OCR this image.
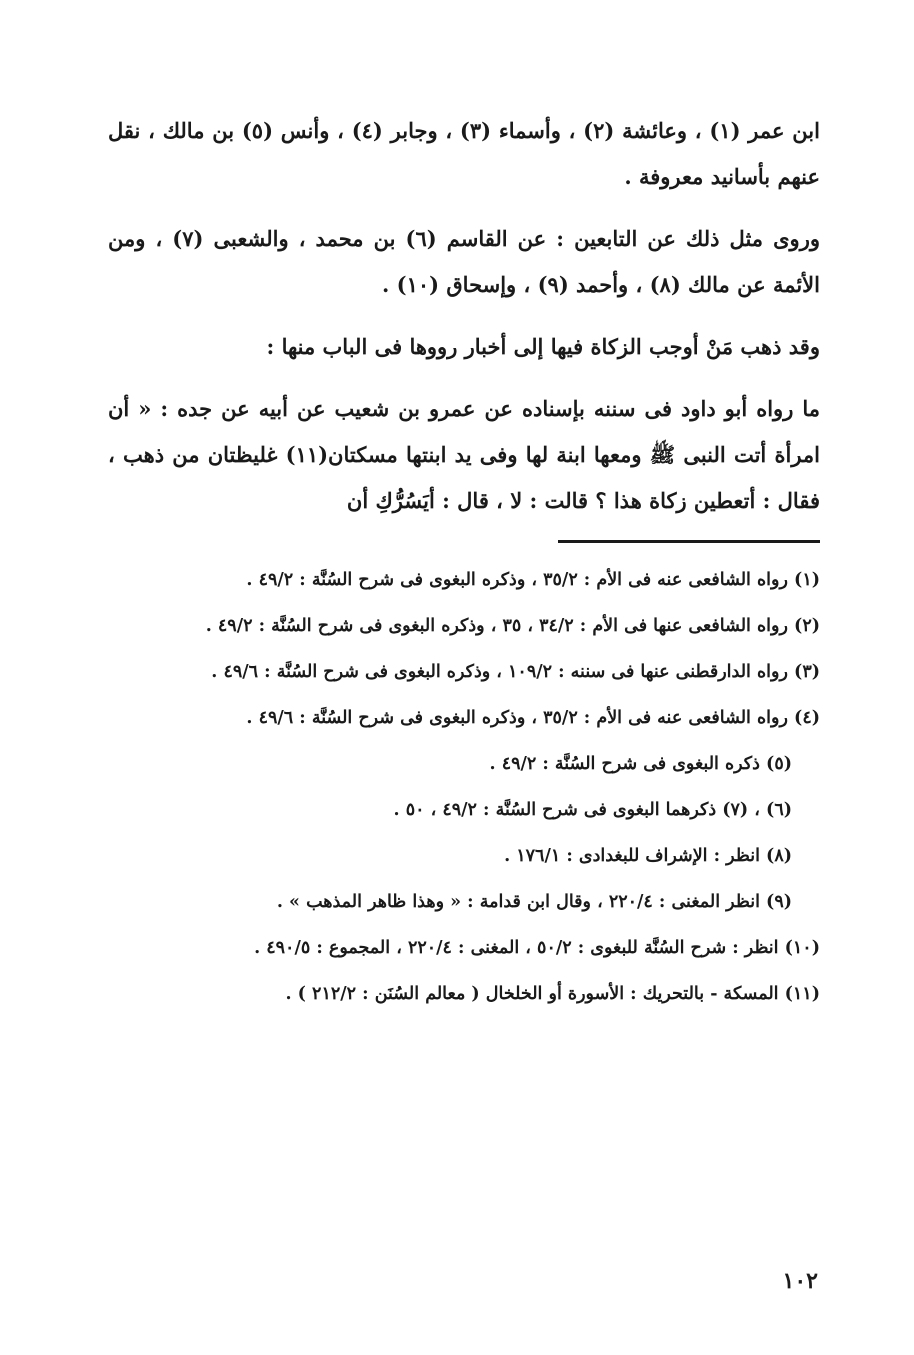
ابن عمر (١) ، وعائشة (٢) ، وأسماء (٣) ، وجابر (٤) ، وأنس (٥) بن مالك ، نقل عنهم بأسانيد معروفة .

وروى مثل ذلك عن التابعين : عن القاسم (٦) بن محمد ، والشعبى (٧) ، ومن الأئمة عن مالك (٨) ، وأحمد (٩) ، وإسحاق (١٠) .

وقد ذهب مَنْ أوجب الزكاة فيها إلى أخبار رووها فى الباب منها :

ما رواه أبو داود فى سننه بإسناده عن عمرو بن شعيب عن أبيه عن جده : « أن امرأة أتت النبى ﷺ ومعها ابنة لها وفى يد ابنتها مسكتان(١١) غليظتان من ذهب ، فقال : أتعطين زكاة هذا ؟ قالت : لا ، قال : أيَسُرُّكِ أن

(١) رواه الشافعى عنه فى الأم : ٣٥/٢ ، وذكره البغوى فى شرح السُنَّة : ٤٩/٢ .

(٢) رواه الشافعى عنها فى الأم : ٣٤/٢ ، ٣٥ ، وذكره البغوى فى شرح السُنَّة : ٤٩/٢ .

(٣) رواه الدارقطنى عنها فى سننه : ١٠٩/٢ ، وذكره البغوى فى شرح السُنَّة : ٤٩/٦ .

(٤) رواه الشافعى عنه فى الأم : ٣٥/٢ ، وذكره البغوى فى شرح السُنَّة : ٤٩/٦ .

(٥) ذكره البغوى فى شرح السُنَّة : ٤٩/٢ .

(٦) ، (٧) ذكرهما البغوى فى شرح السُنَّة : ٤٩/٢ ، ٥٠ .

(٨) انظر : الإشراف للبغدادى : ١٧٦/١ .

(٩) انظر المغنى : ٢٢٠/٤ ، وقال ابن قدامة : « وهذا ظاهر المذهب » .

(١٠) انظر : شرح السُنَّة للبغوى : ٥٠/٢ ، المغنى : ٢٢٠/٤ ، المجموع : ٤٩٠/٥ .

(١١) المسكة - بالتحريك : الأسورة أو الخلخال ( معالم السُنَن : ٢١٢/٢ ) .

١٠٢
